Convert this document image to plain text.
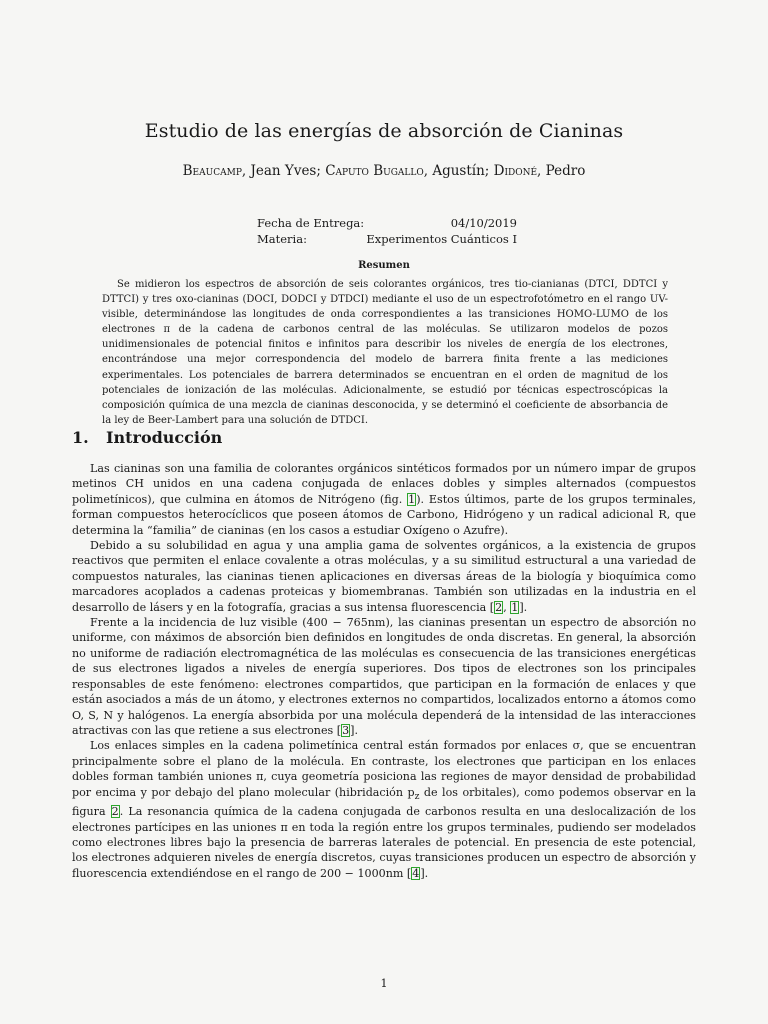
Estudio de las energías de absorción de Cianinas
Beaucamp, Jean Yves; Caputo Bugallo, Agustín; Didoné, Pedro
Fecha de Entrega:	04/10/2019
Materia:	Experimentos Cuánticos I
Resumen
Se midieron los espectros de absorción de seis colorantes orgánicos, tres tio-cianianas (DTCI, DDTCI y DTTCI) y tres oxo-cianinas (DOCI, DODCI y DTDCI) mediante el uso de un espectrofotómetro en el rango UV-visible, determinándose las longitudes de onda correspondientes a las transiciones HOMO-LUMO de los electrones π de la cadena de carbonos central de las moléculas. Se utilizaron modelos de pozos unidimensionales de potencial finitos e infinitos para describir los niveles de energía de los electrones, encontrándose una mejor correspondencia del modelo de barrera finita frente a las mediciones experimentales. Los potenciales de barrera determinados se encuentran en el orden de magnitud de los potenciales de ionización de las moléculas. Adicionalmente, se estudió por técnicas espectroscópicas la composición química de una mezcla de cianinas desconocida, y se determinó el coeficiente de absorbancia de la ley de Beer-Lambert para una solución de DTDCI.
1. Introducción

Las cianinas son una familia de colorantes orgánicos sintéticos formados por un número impar de grupos metinos CH unidos en una cadena conjugada de enlaces dobles y simples alternados (compuestos polimetínicos), que culmina en átomos de Nitrógeno (fig. 1). Estos últimos, parte de los grupos terminales, forman compuestos heterocíclicos que poseen átomos de Carbono, Hidrógeno y un radical adicional R, que determina la “familia” de cianinas (en los casos a estudiar Oxígeno o Azufre).

Debido a su solubilidad en agua y una amplia gama de solventes orgánicos, a la existencia de grupos reactivos que permiten el enlace covalente a otras moléculas, y a su similitud estructural a una variedad de compuestos naturales, las cianinas tienen aplicaciones en diversas áreas de la biología y bioquímica como marcadores acoplados a cadenas proteicas y biomembranas. También son utilizadas en la industria en el desarrollo de lásers y en la fotografía, gracias a sus intensa fluorescencia [2, 1].

Frente a la incidencia de luz visible (400 − 765nm), las cianinas presentan un espectro de absorción no uniforme, con máximos de absorción bien definidos en longitudes de onda discretas. En general, la absorción no uniforme de radiación electromagnética de las moléculas es consecuencia de las transiciones energéticas de sus electrones ligados a niveles de energía superiores. Dos tipos de electrones son los principales responsables de este fenómeno: electrones compartidos, que participan en la formación de enlaces y que están asociados a más de un átomo, y electrones externos no compartidos, localizados entorno a átomos como O, S, N y halógenos. La energía absorbida por una molécula dependerá de la intensidad de las interacciones atractivas con las que retiene a sus electrones [3].

Los enlaces simples en la cadena polimetínica central están formados por enlaces σ, que se encuentran principalmente sobre el plano de la molécula. En contraste, los electrones que participan en los enlaces dobles forman también uniones π, cuya geometría posiciona las regiones de mayor densidad de probabilidad por encima y por debajo del plano molecular (hibridación $p_z$ de los orbitales), como podemos observar en la figura 2. La resonancia química de la cadena conjugada de carbonos resulta en una deslocalización de los electrones partícipes en las uniones π en toda la región entre los grupos terminales, pudiendo ser modelados como electrones libres bajo la presencia de barreras laterales de potencial. En presencia de este potencial, los electrones adquieren niveles de energía discretos, cuyas transiciones producen un espectro de absorción y fluorescencia extendiéndose en el rango de 200 − 1000nm [4].

1
